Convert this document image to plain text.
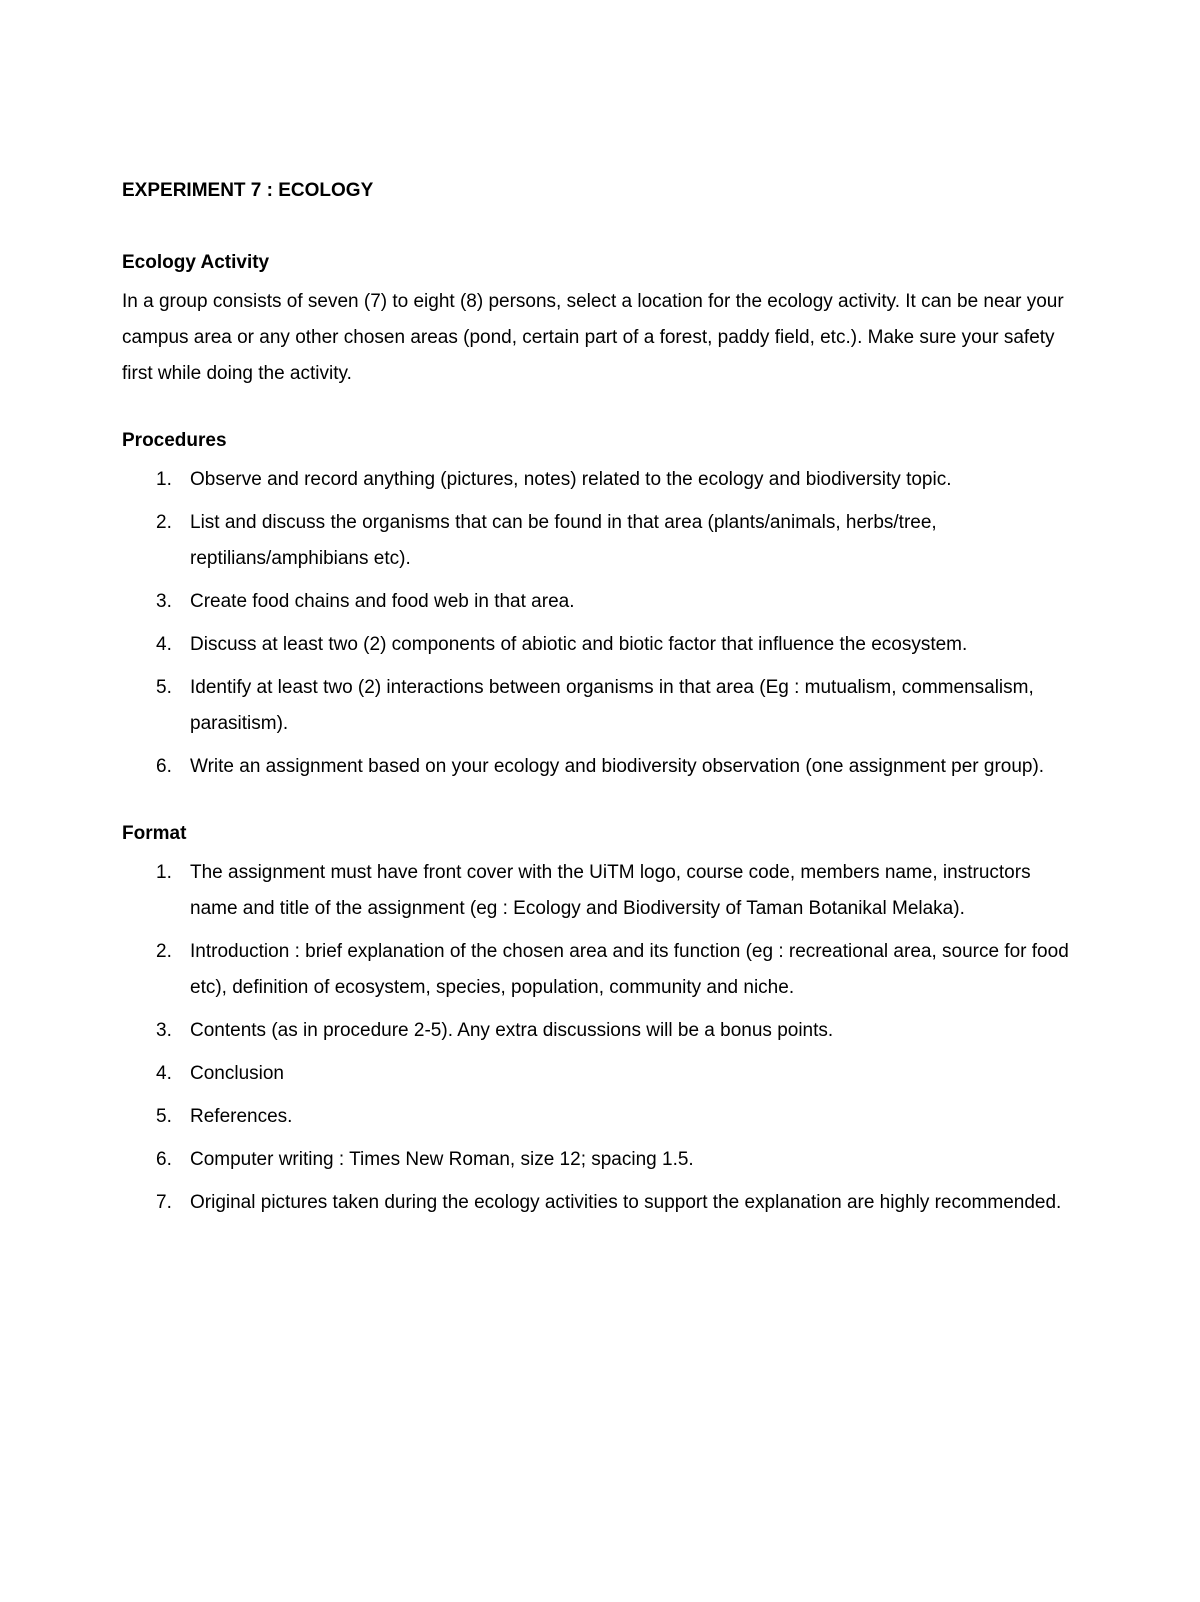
EXPERIMENT 7 : ECOLOGY
Ecology Activity

In a group consists of seven (7) to eight (8) persons, select a location for the ecology activity. It can be near your campus area or any other chosen areas (pond, certain part of a forest, paddy field, etc.). Make sure your safety first while doing the activity.

Procedures
1. Observe and record anything (pictures, notes) related to the ecology and biodiversity topic.
2. List and discuss the organisms that can be found in that area (plants/animals, herbs/tree, reptilians/amphibians etc).
3. Create food chains and food web in that area.
4. Discuss at least two (2) components of abiotic and biotic factor that influence the ecosystem.
5. Identify at least two (2) interactions between organisms in that area (Eg : mutualism, commensalism, parasitism).
6. Write an assignment based on your ecology and biodiversity observation (one assignment per group).
Format
1. The assignment must have front cover with the UiTM logo, course code, members name, instructors name and title of the assignment (eg : Ecology and Biodiversity of Taman Botanikal Melaka).
2. Introduction : brief explanation of the chosen area and its function (eg : recreational area, source for food etc), definition of ecosystem, species, population, community and niche.
3. Contents (as in procedure 2-5). Any extra discussions will be a bonus points.
4. Conclusion
5. References.
6. Computer writing : Times New Roman, size 12; spacing 1.5.
7. Original pictures taken during the ecology activities to support the explanation are highly recommended.
